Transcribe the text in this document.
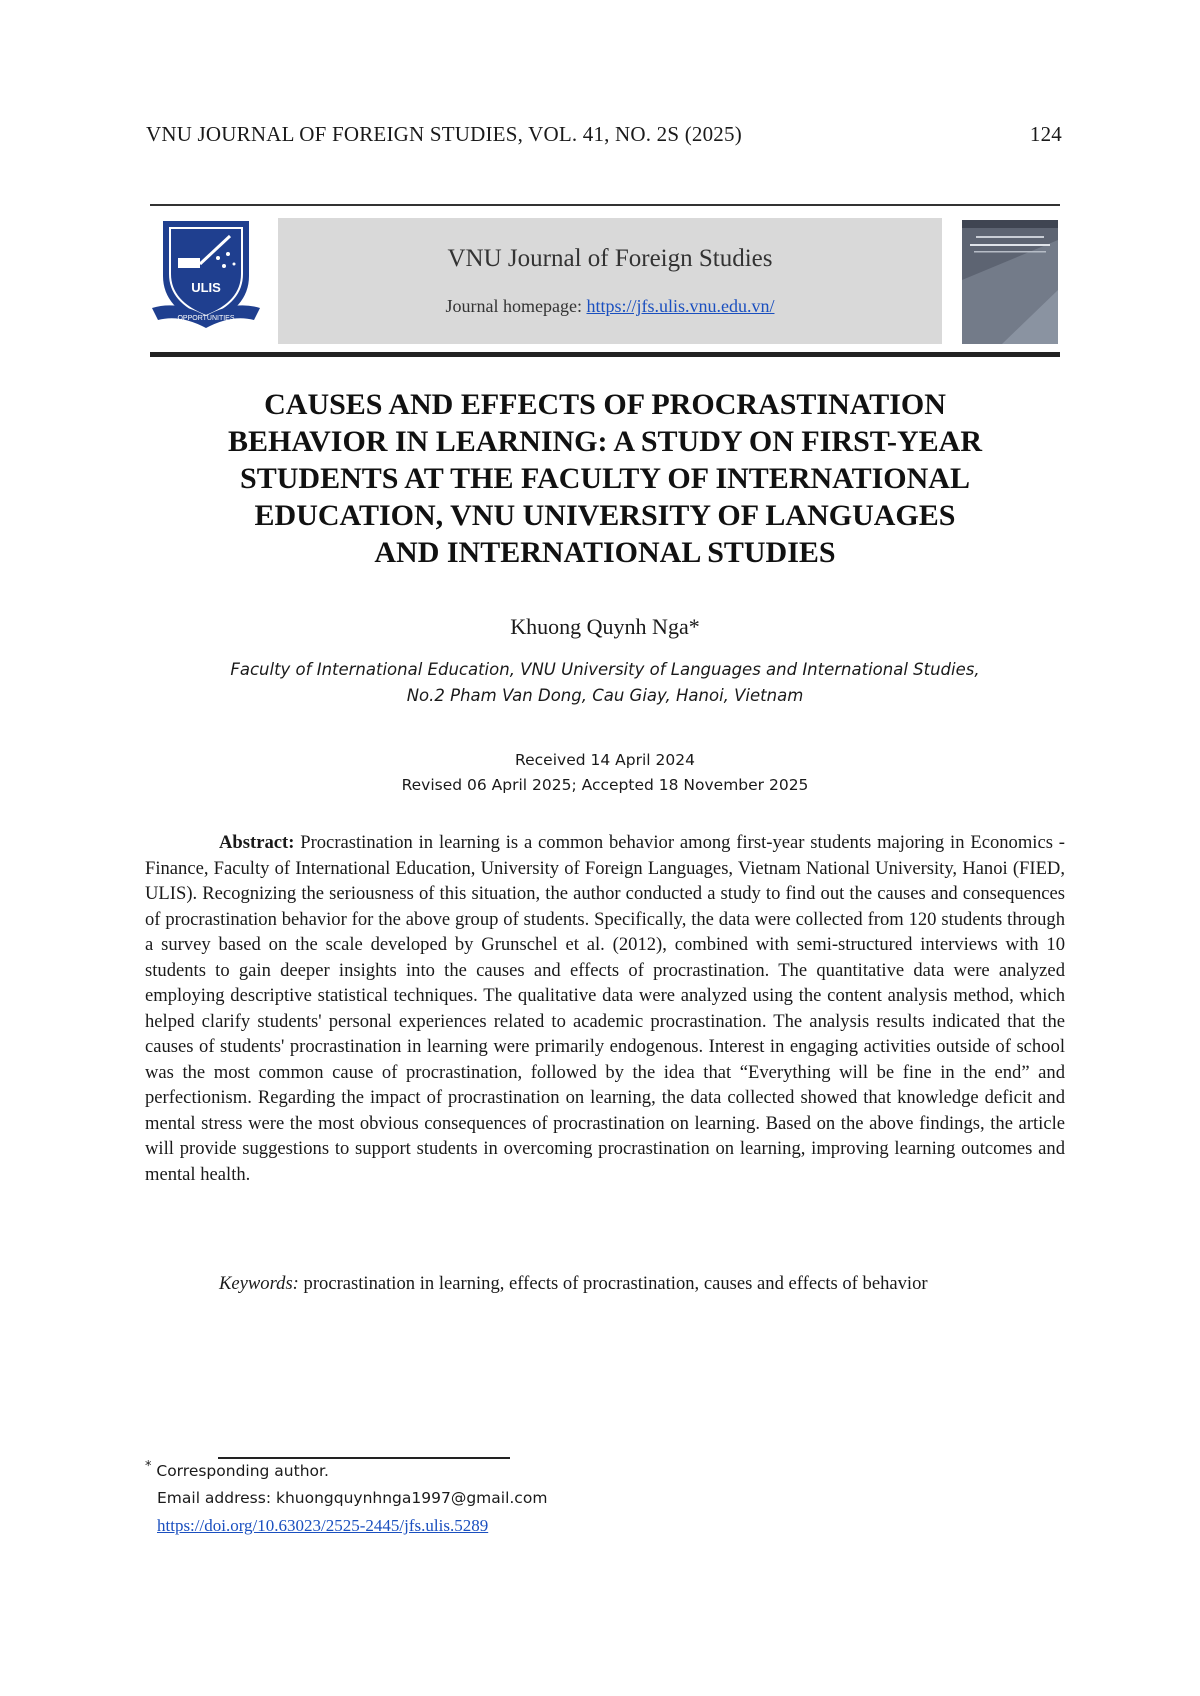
VNU JOURNAL OF FOREIGN STUDIES, VOL. 41, NO. 2S (2025)	124
ULIS
OPPORTUNITIES
VNU Journal of Foreign Studies
Journal homepage: https://jfs.ulis.vnu.edu.vn/
CAUSES AND EFFECTS OF PROCRASTINATION
BEHAVIOR IN LEARNING: A STUDY ON FIRST-YEAR
STUDENTS AT THE FACULTY OF INTERNATIONAL
EDUCATION, VNU UNIVERSITY OF LANGUAGES
AND INTERNATIONAL STUDIES
Khuong Quynh Nga*
Faculty of International Education, VNU University of Languages and International Studies,
No.2 Pham Van Dong, Cau Giay, Hanoi, Vietnam
Received 14 April 2024
Revised 06 April 2025; Accepted 18 November 2025

Abstract: Procrastination in learning is a common behavior among first-year students majoring in Economics - Finance, Faculty of International Education, University of Foreign Languages, Vietnam National University, Hanoi (FIED, ULIS). Recognizing the seriousness of this situation, the author conducted a study to find out the causes and consequences of procrastination behavior for the above group of students. Specifically, the data were collected from 120 students through a survey based on the scale developed by Grunschel et al. (2012), combined with semi-structured interviews with 10 students to gain deeper insights into the causes and effects of procrastination. The quantitative data were analyzed employing descriptive statistical techniques. The qualitative data were analyzed using the content analysis method, which helped clarify students' personal experiences related to academic procrastination. The analysis results indicated that the causes of students' procrastination in learning were primarily endogenous. Interest in engaging activities outside of school was the most common cause of procrastination, followed by the idea that “Everything will be fine in the end” and perfectionism. Regarding the impact of procrastination on learning, the data collected showed that knowledge deficit and mental stress were the most obvious consequences of procrastination on learning. Based on the above findings, the article will provide suggestions to support students in overcoming procrastination on learning, improving learning outcomes and mental health.

Keywords: procrastination in learning, effects of procrastination, causes and effects of behavior

* Corresponding author.
Email address: khuongquynhnga1997@gmail.com
https://doi.org/10.63023/2525-2445/jfs.ulis.5289
